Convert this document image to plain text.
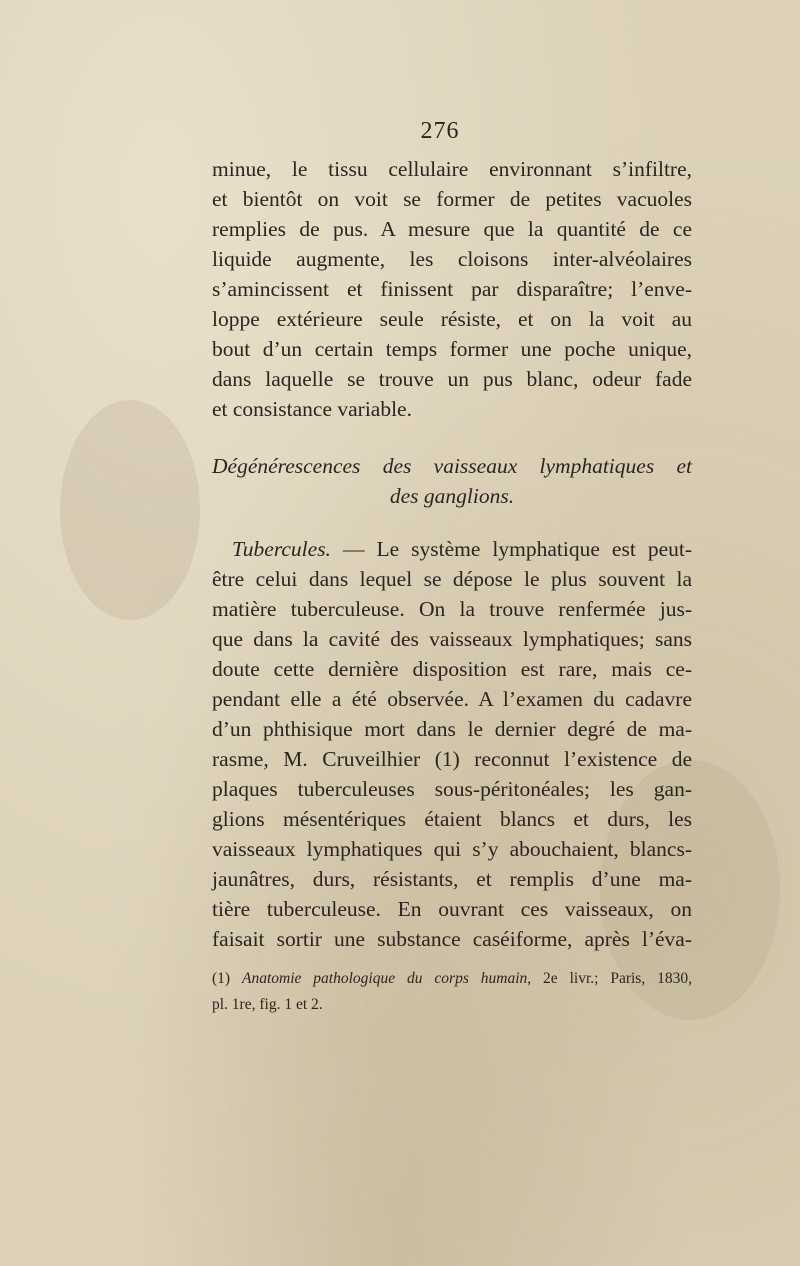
276
minue, le tissu cellulaire environnant s’infiltre,
et bientôt on voit se former de petites vacuoles
remplies de pus. A mesure que la quantité de ce
liquide augmente, les cloisons inter-alvéolaires
s’amincissent et finissent par disparaître; l’enve-
loppe extérieure seule résiste, et on la voit au
bout d’un certain temps former une poche unique,
dans laquelle se trouve un pus blanc, odeur fade
et consistance variable.
Dégénérescences des vaisseaux lymphatiques et
des ganglions.
Tubercules. — Le système lymphatique est peut-
être celui dans lequel se dépose le plus souvent la
matière tuberculeuse. On la trouve renfermée jus-
que dans la cavité des vaisseaux lymphatiques; sans
doute cette dernière disposition est rare, mais ce-
pendant elle a été observée. A l’examen du cadavre
d’un phthisique mort dans le dernier degré de ma-
rasme, M. Cruveilhier (1) reconnut l’existence de
plaques tuberculeuses sous-péritonéales; les gan-
glions mésentériques étaient blancs et durs, les
vaisseaux lymphatiques qui s’y abouchaient, blancs-
jaunâtres, durs, résistants, et remplis d’une ma-
tière tuberculeuse. En ouvrant ces vaisseaux, on
faisait sortir une substance caséiforme, après l’éva-
(1) Anatomie pathologique du corps humain, 2e livr.; Paris, 1830,
pl. 1re, fig. 1 et 2.
